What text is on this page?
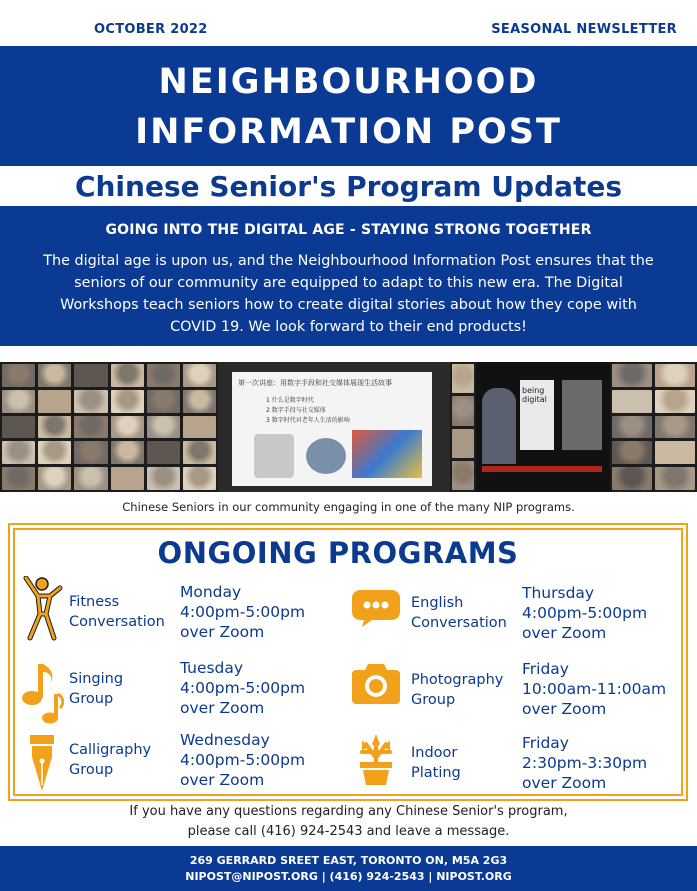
OCTOBER 2022	SEASONAL NEWSLETTER
NEIGHBOURHOOD
INFORMATION POST
Chinese Senior's Program Updates
GOING INTO THE DIGITAL AGE - STAYING STRONG TOGETHER
The digital age is upon us, and the Neighbourhood Information Post ensures that the seniors of our community are equipped to adapt to this new era. The Digital Workshops teach seniors how to create digital stories about how they cope with COVID 19. We look forward to their end products!
第一次讲座：用数字手段和社交媒体展现生活故事
1 什么是数字时代
2 数字手段与社交媒体
3 数字时代对老年人生活的影响
being digital
Chinese Seniors in our community engaging in one of the many NIP programs.
ONGOING PROGRAMS
Fitness
Conversation
Monday
4:00pm-5:00pm
over Zoom
English
Conversation
Thursday
4:00pm-5:00pm
over Zoom
Singing
Group
Tuesday
4:00pm-5:00pm
over Zoom
Photography
Group
Friday
10:00am-11:00am
over Zoom
Calligraphy
Group
Wednesday
4:00pm-5:00pm
over Zoom
Indoor
Plating
Friday
2:30pm-3:30pm
over Zoom
If you have any questions regarding any Chinese Senior's program,
please call (416) 924-2543 and leave a message.
269 GERRARD SREET EAST, TORONTO ON, M5A 2G3
NIPOST@NIPOST.ORG | (416) 924-2543 | NIPOST.ORG
